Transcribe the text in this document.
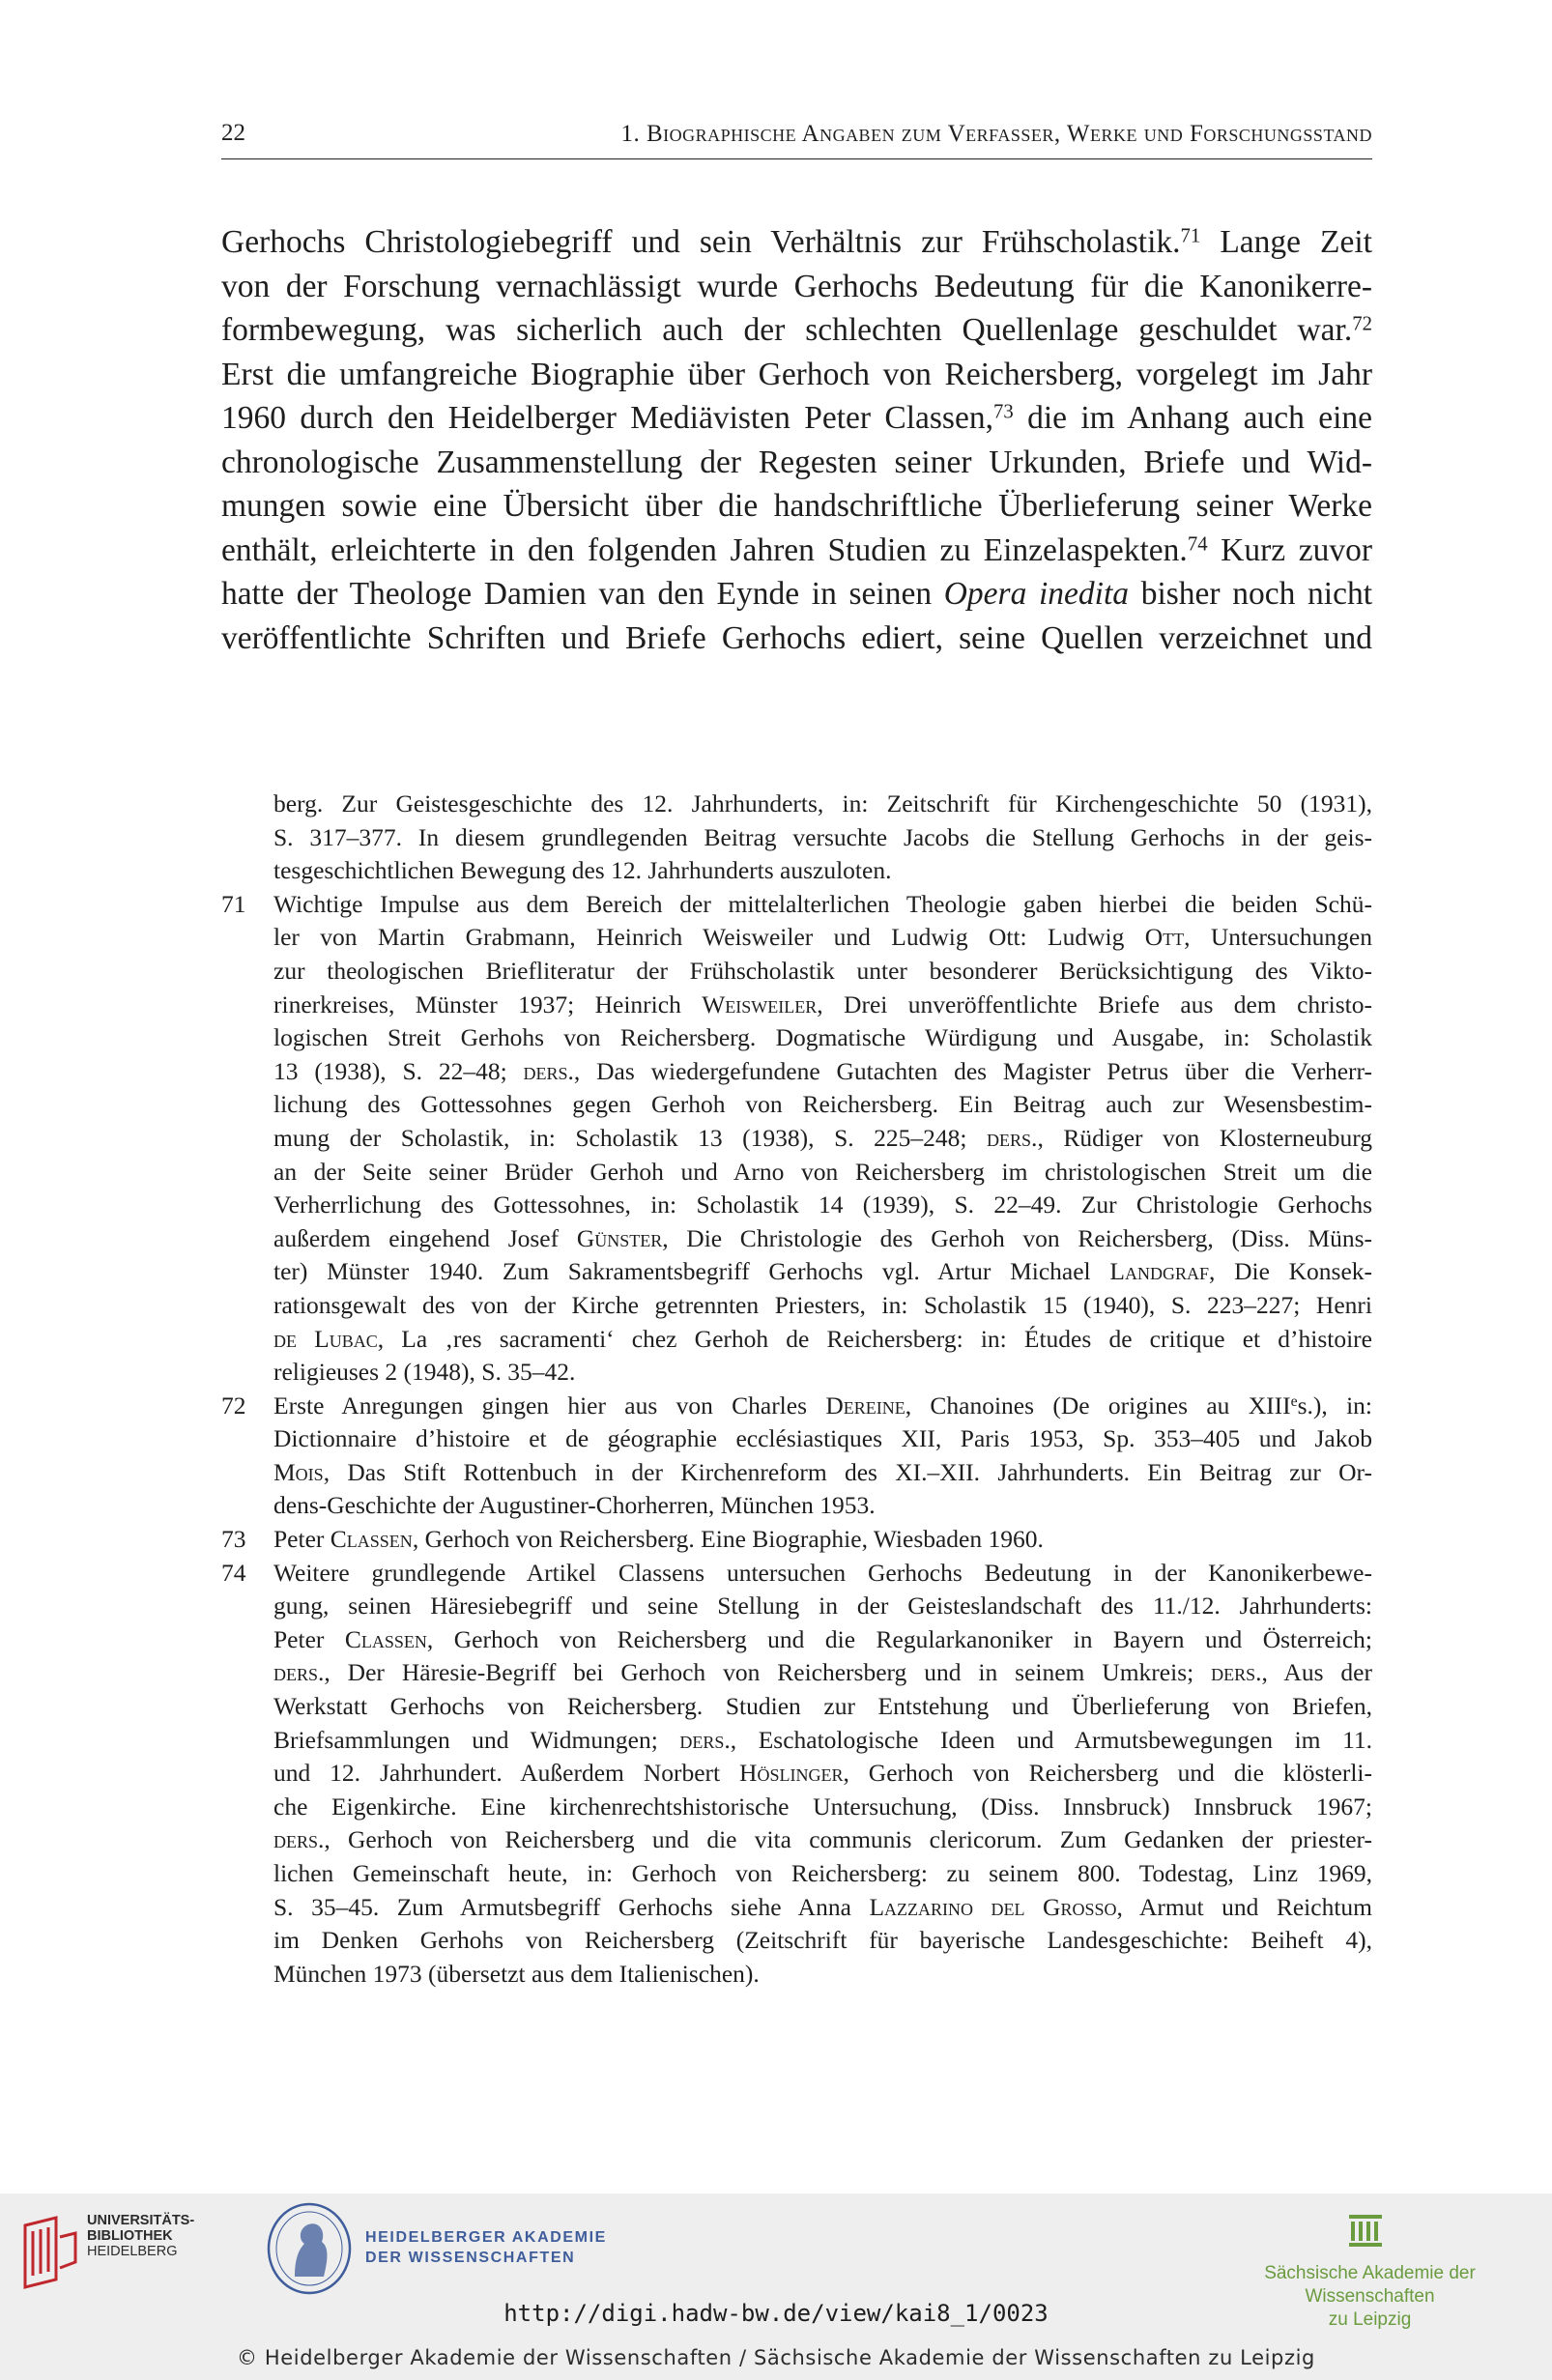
22	1. Biographische Angaben zum Verfasser, Werke und Forschungsstand
Gerhochs Christologiebegriff und sein Verhältnis zur Frühscholastik.$^{71}$ Lange Zeit
von der Forschung vernachlässigt wurde Gerhochs Bedeutung für die Kanonikerre-
formbewegung, was sicherlich auch der schlechten Quellenlage geschuldet war.$^{72}$
Erst die umfangreiche Biographie über Gerhoch von Reichersberg, vorgelegt im Jahr
1960 durch den Heidelberger Mediävisten Peter Classen,$^{73}$ die im Anhang auch eine
chronologische Zusammenstellung der Regesten seiner Urkunden, Briefe und Wid-
mungen sowie eine Übersicht über die handschriftliche Überlieferung seiner Werke
enthält, erleichterte in den folgenden Jahren Studien zu Einzelaspekten.$^{74}$ Kurz zuvor
hatte der Theologe Damien van den Eynde in seinen Opera inedita bisher noch nicht
veröffentlichte Schriften und Briefe Gerhochs ediert, seine Quellen verzeichnet und
berg. Zur Geistesgeschichte des 12. Jahrhunderts, in: Zeitschrift für Kirchengeschichte 50 (1931),
S. 317–377. In diesem grundlegenden Beitrag versuchte Jacobs die Stellung Gerhochs in der geis-
tesgeschichtlichen Bewegung des 12. Jahrhunderts auszuloten.
71 Wichtige Impulse aus dem Bereich der mittelalterlichen Theologie gaben hierbei die beiden Schü-
ler von Martin Grabmann, Heinrich Weisweiler und Ludwig Ott: Ludwig Ott, Untersuchungen
zur theologischen Briefliteratur der Frühscholastik unter besonderer Berücksichtigung des Vikto-
rinerkreises, Münster 1937; Heinrich Weisweiler, Drei unveröffentlichte Briefe aus dem christo-
logischen Streit Gerhohs von Reichersberg. Dogmatische Würdigung und Ausgabe, in: Scholastik
13 (1938), S. 22–48; ders., Das wiedergefundene Gutachten des Magister Petrus über die Verherr-
lichung des Gottessohnes gegen Gerhoh von Reichersberg. Ein Beitrag auch zur Wesensbestim-
mung der Scholastik, in: Scholastik 13 (1938), S. 225–248; ders., Rüdiger von Klosterneuburg
an der Seite seiner Brüder Gerhoh und Arno von Reichersberg im christologischen Streit um die
Verherrlichung des Gottessohnes, in: Scholastik 14 (1939), S. 22–49. Zur Christologie Gerhochs
außerdem eingehend Josef Günster, Die Christologie des Gerhoh von Reichersberg, (Diss. Müns-
ter) Münster 1940. Zum Sakramentsbegriff Gerhochs vgl. Artur Michael Landgraf, Die Konsek-
rationsgewalt des von der Kirche getrennten Priesters, in: Scholastik 15 (1940), S. 223–227; Henri
de Lubac, La ‚res sacramenti‘ chez Gerhoh de Reichersberg: in: Études de critique et d’histoire
religieuses 2 (1948), S. 35–42.
72 Erste Anregungen gingen hier aus von Charles Dereine, Chanoines (De origines au XIIIes.), in:
Dictionnaire d’histoire et de géographie ecclésiastiques XII, Paris 1953, Sp. 353–405 und Jakob
Mois, Das Stift Rottenbuch in der Kirchenreform des XI.–XII. Jahrhunderts. Ein Beitrag zur Or-
dens-Geschichte der Augustiner-Chorherren, München 1953.
73 Peter Classen, Gerhoch von Reichersberg. Eine Biographie, Wiesbaden 1960.
74 Weitere grundlegende Artikel Classens untersuchen Gerhochs Bedeutung in der Kanonikerbewe-
gung, seinen Häresiebegriff und seine Stellung in der Geisteslandschaft des 11./12. Jahrhunderts:
Peter Classen, Gerhoch von Reichersberg und die Regularkanoniker in Bayern und Österreich;
ders., Der Häresie-Begriff bei Gerhoch von Reichersberg und in seinem Umkreis; ders., Aus der
Werkstatt Gerhochs von Reichersberg. Studien zur Entstehung und Überlieferung von Briefen,
Briefsammlungen und Widmungen; ders., Eschatologische Ideen und Armutsbewegungen im 11.
und 12. Jahrhundert. Außerdem Norbert Höslinger, Gerhoch von Reichersberg und die klösterli-
che Eigenkirche. Eine kirchenrechtshistorische Untersuchung, (Diss. Innsbruck) Innsbruck 1967;
ders., Gerhoch von Reichersberg und die vita communis clericorum. Zum Gedanken der priester-
lichen Gemeinschaft heute, in: Gerhoch von Reichersberg: zu seinem 800. Todestag, Linz 1969,
S. 35–45. Zum Armutsbegriff Gerhochs siehe Anna Lazzarino del Grosso, Armut und Reichtum
im Denken Gerhohs von Reichersberg (Zeitschrift für bayerische Landesgeschichte: Beiheft 4),
München 1973 (übersetzt aus dem Italienischen).
UNIVERSITÄTS-
BIBLIOTHEK
HEIDELBERG
HEIDELBERGER AKADEMIE
DER WISSENSCHAFTEN
Sächsische Akademie der Wissenschaften
zu Leipzig
http://digi.hadw-bw.de/view/kai8_1/0023
© Heidelberger Akademie der Wissenschaften / Sächsische Akademie der Wissenschaften zu Leipzig
